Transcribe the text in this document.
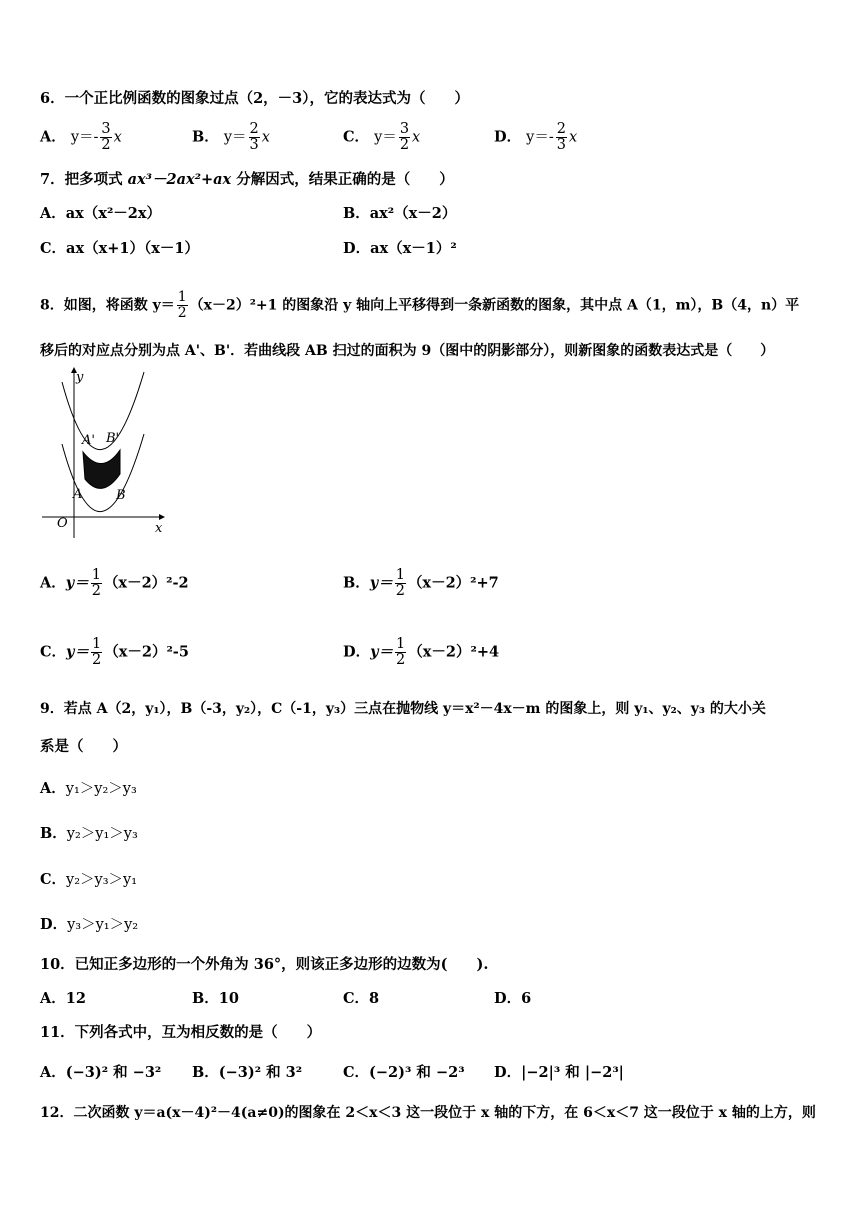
6．一个正比例函数的图象过点（2，－3），它的表达式为（　　）
A． $y=- \frac{3}{2}$ x	B． $y= \frac{2}{3}$ x	C． $y= \frac{3}{2}$ x	D． $y=- \frac{2}{3}$ x
7．把多项式 ax³－2ax²+ax 分解因式，结果正确的是（　　）
A．ax（x²－2x）	B．ax²（x－2）
C．ax（x+1）（x－1）	D．ax（x－1）²
8．如图，将函数 $y= \frac{1}{2} (x-2)^2+1$ 的图象沿 y 轴向上平移得到一条新函数的图象，其中点 A（1，m），B（4，n）平
移后的对应点分别为点 A'、B'．若曲线段 AB 扫过的面积为 9（图中的阴影部分），则新图象的函数表达式是（　　）
y
x
O
A	B
A' B'
A．$y= \frac{1}{2} (x-2)^2-2$	B．$y= \frac{1}{2} (x-2)^2+7$
C．$y= \frac{1}{2} (x-2)^2-5$	D．$y= \frac{1}{2} (x-2)^2+4$
9．若点 A（2，y₁），B（-3，y₂），C（-1，y₃）三点在抛物线 y＝x²－4x－m 的图象上，则 y₁、y₂、y₃ 的大小关
系是（　　）
A．y₁＞y₂＞y₃
B．y₂＞y₁＞y₃
C．y₂＞y₃＞y₁
D．y₃＞y₁＞y₂
10．已知正多边形的一个外角为 36°，则该正多边形的边数为(　　).
A．12	B．10	C．8	D．6
11．下列各式中，互为相反数的是（　　）
A．(−3)² 和 −3² B．(−3)² 和 3²	C．(−2)³ 和 −2³ D．|−2|³ 和 |−2³|
12．二次函数 y＝a(x－4)²－4(a≠0)的图象在 2＜x＜3 这一段位于 x 轴的下方，在 6＜x＜7 这一段位于 x 轴的上方，则
